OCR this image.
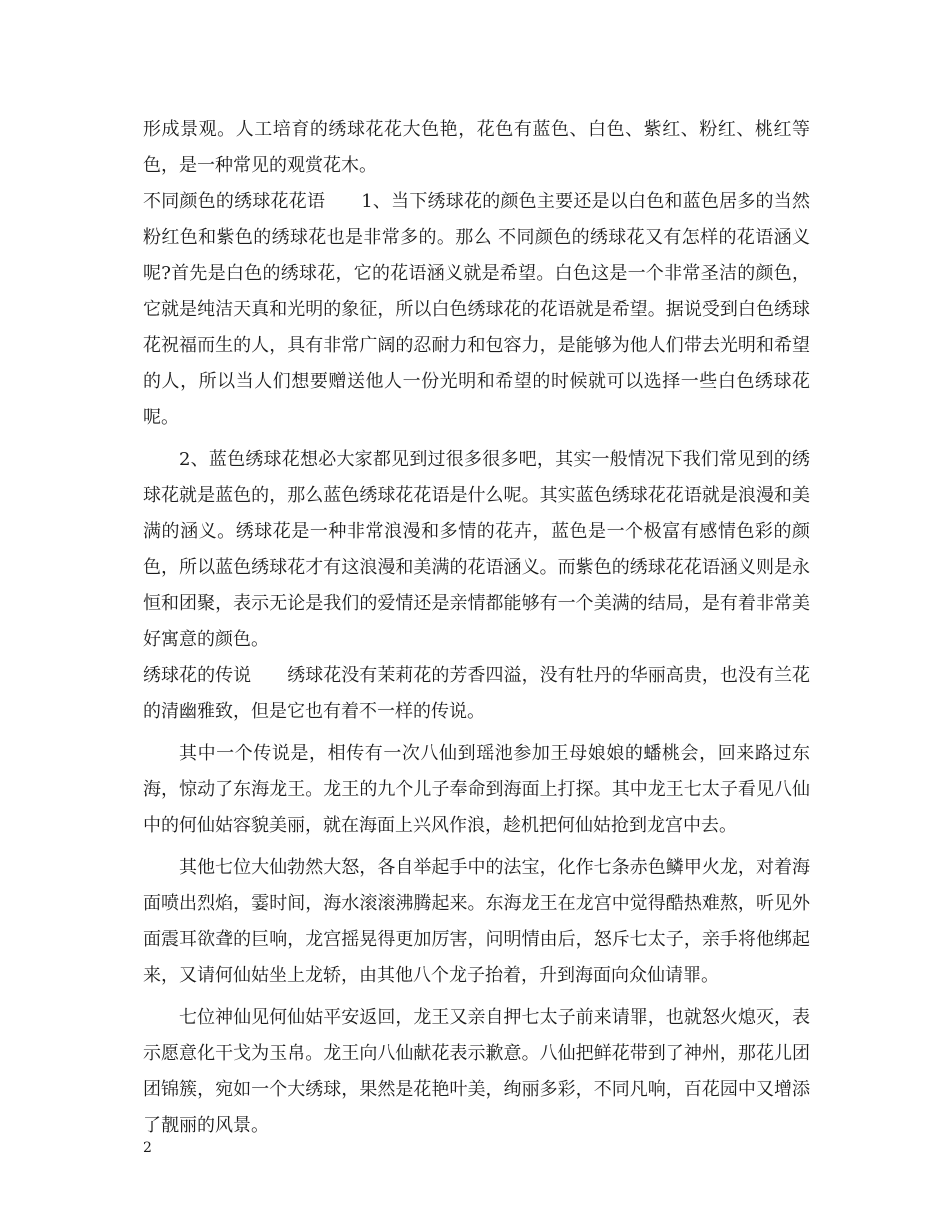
形成景观。人工培育的绣球花花大色艳，花色有蓝色、白色、紫红、粉红、桃红等色，是一种常见的观赏花木。

不同颜色的绣球花花语 1、当下绣球花的颜色主要还是以白色和蓝色居多的当然粉红色和紫色的绣球花也是非常多的。那么 不同颜色的绣球花又有怎样的花语涵义呢?首先是白色的绣球花，它的花语涵义就是希望。白色这是一个非常圣洁的颜色，它就是纯洁天真和光明的象征，所以白色绣球花的花语就是希望。据说受到白色绣球花祝福而生的人，具有非常广阔的忍耐力和包容力，是能够为他人们带去光明和希望的人，所以当人们想要赠送他人一份光明和希望的时候就可以选择一些白色绣球花呢。

2、蓝色绣球花想必大家都见到过很多很多吧，其实一般情况下我们常见到的绣球花就是蓝色的，那么蓝色绣球花花语是什么呢。其实蓝色绣球花花语就是浪漫和美满的涵义。绣球花是一种非常浪漫和多情的花卉，蓝色是一个极富有感情色彩的颜色，所以蓝色绣球花才有这浪漫和美满的花语涵义。而紫色的绣球花花语涵义则是永恒和团聚，表示无论是我们的爱情还是亲情都能够有一个美满的结局，是有着非常美好寓意的颜色。

绣球花的传说 绣球花没有茉莉花的芳香四溢，没有牡丹的华丽高贵，也没有兰花的清幽雅致，但是它也有着不一样的传说。

其中一个传说是，相传有一次八仙到瑶池参加王母娘娘的蟠桃会，回来路过东海，惊动了东海龙王。龙王的九个儿子奉命到海面上打探。其中龙王七太子看见八仙中的何仙姑容貌美丽，就在海面上兴风作浪，趁机把何仙姑抢到龙宫中去。

其他七位大仙勃然大怒，各自举起手中的法宝，化作七条赤色鳞甲火龙，对着海面喷出烈焰，霎时间，海水滚滚沸腾起来。东海龙王在龙宫中觉得酷热难熬，听见外面震耳欲聋的巨响，龙宫摇晃得更加厉害，问明情由后，怒斥七太子，亲手将他绑起来，又请何仙姑坐上龙轿，由其他八个龙子抬着，升到海面向众仙请罪。

七位神仙见何仙姑平安返回，龙王又亲自押七太子前来请罪，也就怒火熄灭，表示愿意化干戈为玉帛。龙王向八仙献花表示歉意。八仙把鲜花带到了神州，那花儿团团锦簇，宛如一个大绣球，果然是花艳叶美，绚丽多彩，不同凡响，百花园中又增添了靓丽的风景。

2
